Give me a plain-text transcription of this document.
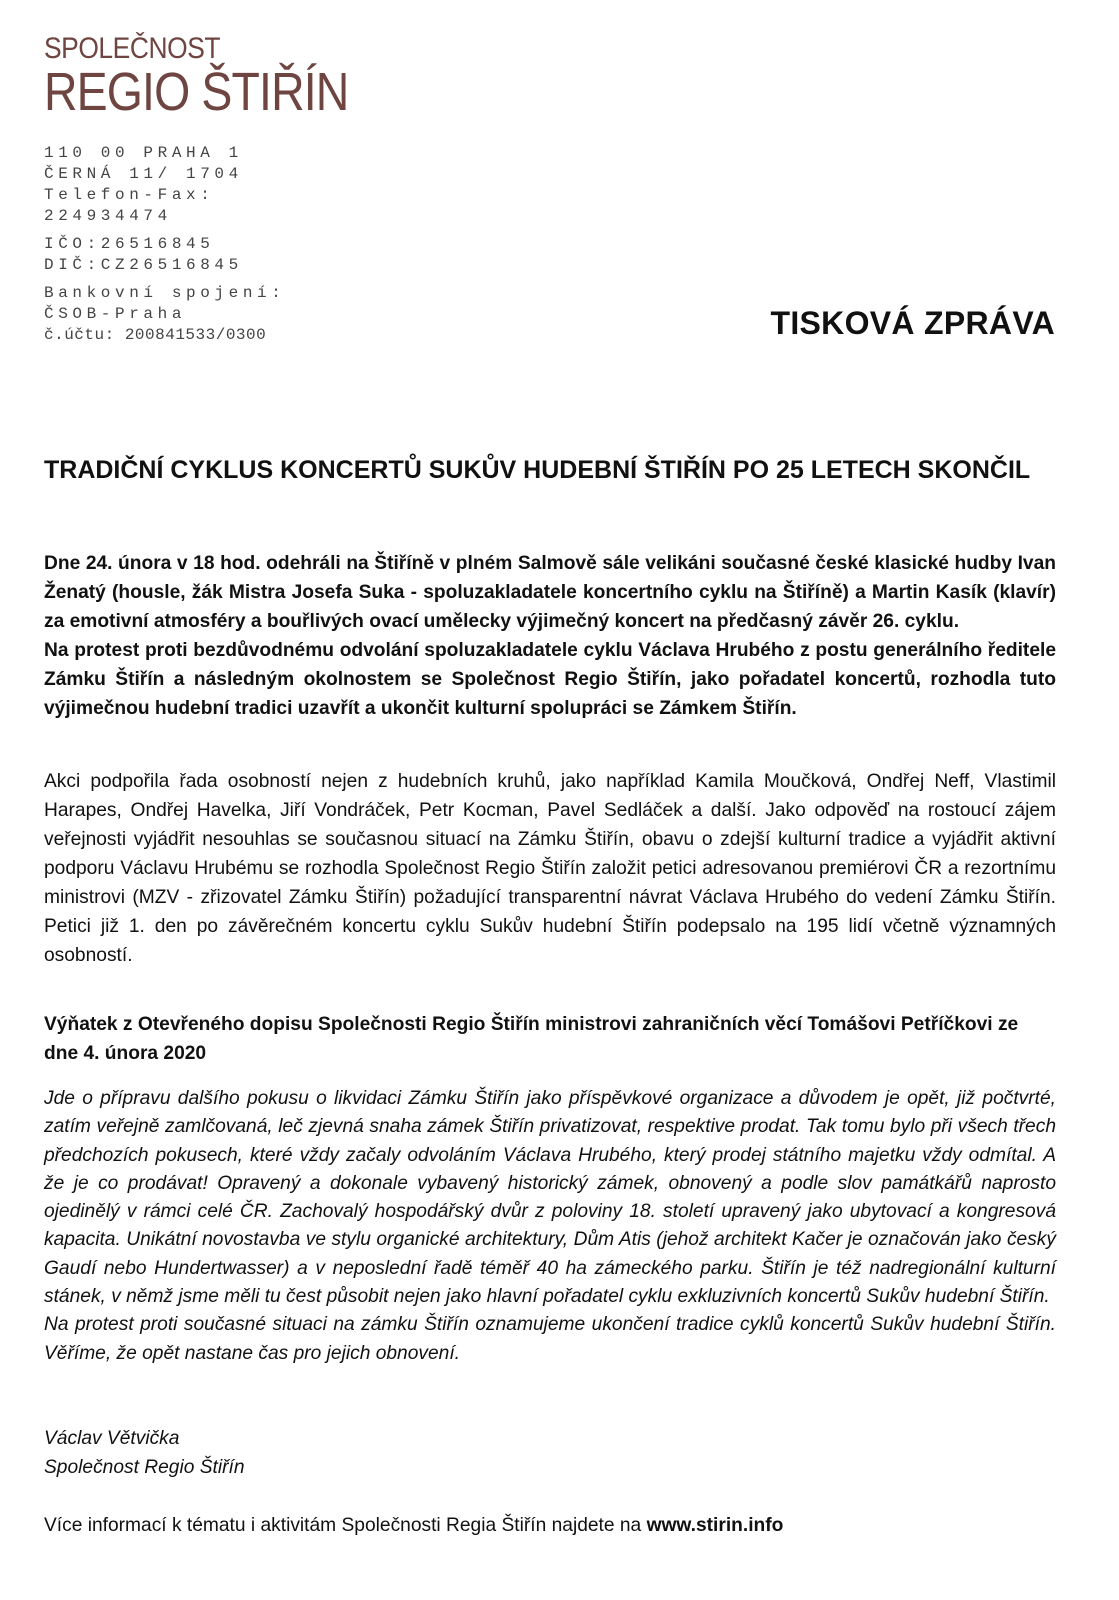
SPOLEČNOST
REGIO ŠTIŘÍN
110 00 PRAHA 1
ČERNÁ 11/ 1704
Telefon-Fax:
224934474
IČO:26516845
DIČ:CZ26516845
Bankovní spojení:
ČSOB-Praha
č.účtu: 200841533/0300	TISKOVÁ ZPRÁVA
TRADIČNÍ CYKLUS KONCERTŮ SUKŮV HUDEBNÍ ŠTIŘÍN PO 25 LETECH SKONČIL

Dne 24. února v 18 hod. odehráli na Štiříně v plném Salmově sále velikáni současné české klasické hudby Ivan Ženatý (housle, žák Mistra Josefa Suka - spoluzakladatele koncertního cyklu na Štiříně) a Martin Kasík (klavír) za emotivní atmosféry a bouřlivých ovací umělecky výjimečný koncert na předčasný závěr 26. cyklu.

Na protest proti bezdůvodnému odvolání spoluzakladatele cyklu Václava Hrubého z postu generálního ředitele Zámku Štiřín a následným okolnostem se Společnost Regio Štiřín, jako pořadatel koncertů, rozhodla tuto výjimečnou hudební tradici uzavřít a ukončit kulturní spolupráci se Zámkem Štiřín.

Akci podpořila řada osobností nejen z hudebních kruhů, jako například Kamila Moučková, Ondřej Neff, Vlastimil Harapes, Ondřej Havelka, Jiří Vondráček, Petr Kocman, Pavel Sedláček a další. Jako odpověď na rostoucí zájem veřejnosti vyjádřit nesouhlas se současnou situací na Zámku Štiřín, obavu o zdejší kulturní tradice a vyjádřit aktivní podporu Václavu Hrubému se rozhodla Společnost Regio Štiřín založit petici adresovanou premiérovi ČR a rezortnímu ministrovi (MZV - zřizovatel Zámku Štiřín) požadující transparentní návrat Václava Hrubého do vedení Zámku Štiřín. Petici již 1. den po závěrečném koncertu cyklu Sukův hudební Štiřín podepsalo na 195 lidí včetně významných osobností.
Výňatek z Otevřeného dopisu Společnosti Regio Štiřín ministrovi zahraničních věcí Tomášovi Petříčkovi ze dne 4. února 2020

Jde o přípravu dalšího pokusu o likvidaci Zámku Štiřín jako příspěvkové organizace a důvodem je opět, již počtvrté, zatím veřejně zamlčovaná, leč zjevná snaha zámek Štiřín privatizovat, respektive prodat. Tak tomu bylo při všech třech předchozích pokusech, které vždy začaly odvoláním Václava Hrubého, který prodej státního majetku vždy odmítal. A že je co prodávat! Opravený a dokonale vybavený historický zámek, obnovený a podle slov památkářů naprosto ojedinělý v rámci celé ČR. Zachovalý hospodářský dvůr z poloviny 18. století upravený jako ubytovací a kongresová kapacita. Unikátní novostavba ve stylu organické architektury, Dům Atis (jehož architekt Kačer je označován jako český Gaudí nebo Hundertwasser) a v neposlední řadě téměř 40 ha zámeckého parku. Štiřín je též nadregionální kulturní stánek, v němž jsme měli tu čest působit nejen jako hlavní pořadatel cyklu exkluzivních koncertů Sukův hudební Štiřín.

Na protest proti současné situaci na zámku Štiřín oznamujeme ukončení tradice cyklů koncertů Sukův hudební Štiřín. Věříme, že opět nastane čas pro jejich obnovení.

Václav Větvička
Společnost Regio Štiřín
Více informací k tématu i aktivitám Společnosti Regia Štiřín najdete na www.stirin.info
